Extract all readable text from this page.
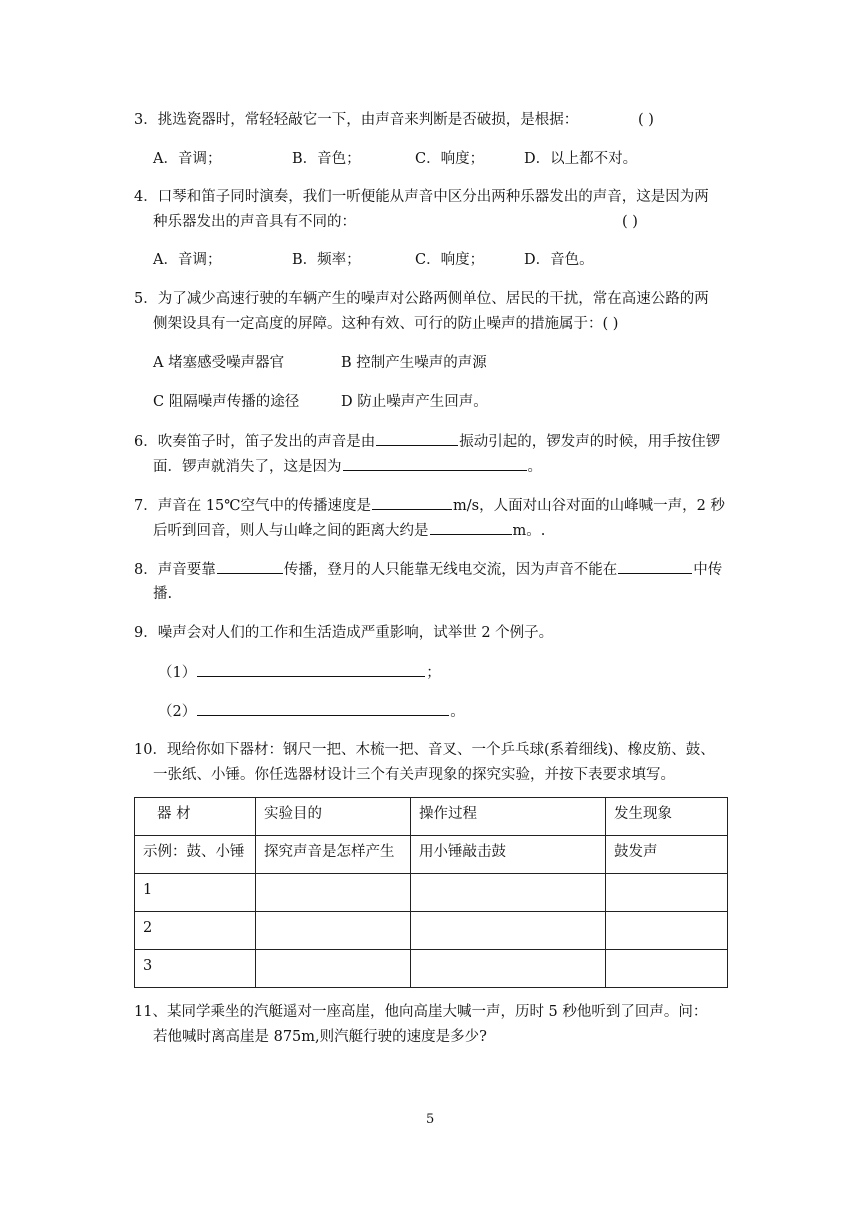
3．挑选瓷器时，常轻轻敲它一下，由声音来判断是否破损，是根据：	( )
A．音调；	B．音色；	C．响度；	D．以上都不对。
4．口琴和笛子同时演奏，我们一听便能从声音中区分出两种乐器发出的声音，这是因为两
种乐器发出的声音具有不同的：	( )
A．音调；	B．频率；	C．响度；	D．音色。
5．为了减少高速行驶的车辆产生的噪声对公路两侧单位、居民的干扰，常在高速公路的两
侧架设具有一定高度的屏障。这种有效、可行的防止噪声的措施属于：( )
A 堵塞感受噪声器官	B 控制产生噪声的声源
C 阻隔噪声传播的途径	D 防止噪声产生回声。
6．吹奏笛子时，笛子发出的声音是由	振动引起的，锣发声的时候，用手按住锣
面．锣声就消失了，这是因为	。
7．声音在 15℃空气中的传播速度是	m/s，人面对山谷对面的山峰喊一声，2 秒
后听到回音，则人与山峰之间的距离大约是	m。.
8．声音要靠	传播，登月的人只能靠无线电交流，因为声音不能在	中传
播.
9．噪声会对人们的工作和生活造成严重影响，试举世 2 个例子。
（1）	；
（2）	。
10．现给你如下器材：钢尺一把、木梳一把、音叉、一个乒乓球(系着细线)、橡皮筋、鼓、
一张纸、小锤。你任选器材设计三个有关声现象的探究实验，并按下表要求填写。
器 材	实验目的	操作过程	发生现象
示例：鼓、小锤	探究声音是怎样产生	用小锤敲击鼓	鼓发声
1			
2			
3			
11、某同学乘坐的汽艇遥对一座高崖，他向高崖大喊一声，历时 5 秒他听到了回声。问：
若他喊时离高崖是 875m,则汽艇行驶的速度是多少?
5
